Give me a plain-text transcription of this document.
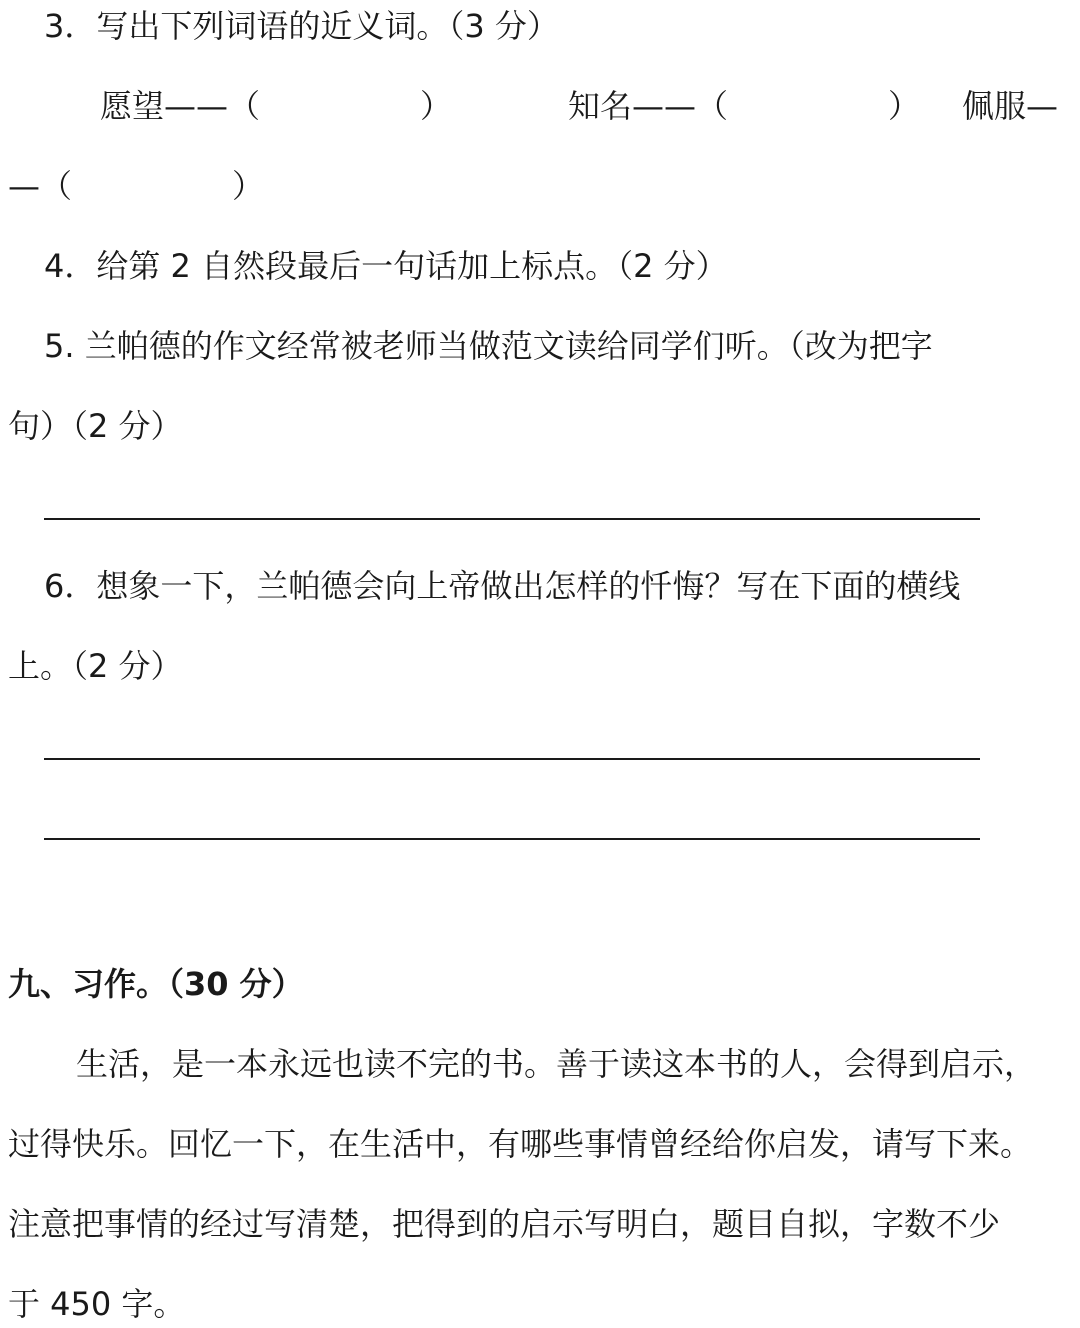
3．写出下列词语的近义词。（3 分）
愿望——（　　　　　）	知名——（　　　　　） 佩服—
—（　　　　　）
4．给第 2 自然段最后一句话加上标点。（2 分）
5. 兰帕德的作文经常被老师当做范文读给同学们听。（改为把字
句）（2 分）
6．想象一下，兰帕德会向上帝做出怎样的忏悔？写在下面的横线
上。（2 分）
九、习作。（30 分）
生活，是一本永远也读不完的书。善于读这本书的人，会得到启示，
过得快乐。回忆一下，在生活中，有哪些事情曾经给你启发，请写下来。
注意把事情的经过写清楚，把得到的启示写明白，题目自拟，字数不少
于 450 字。
